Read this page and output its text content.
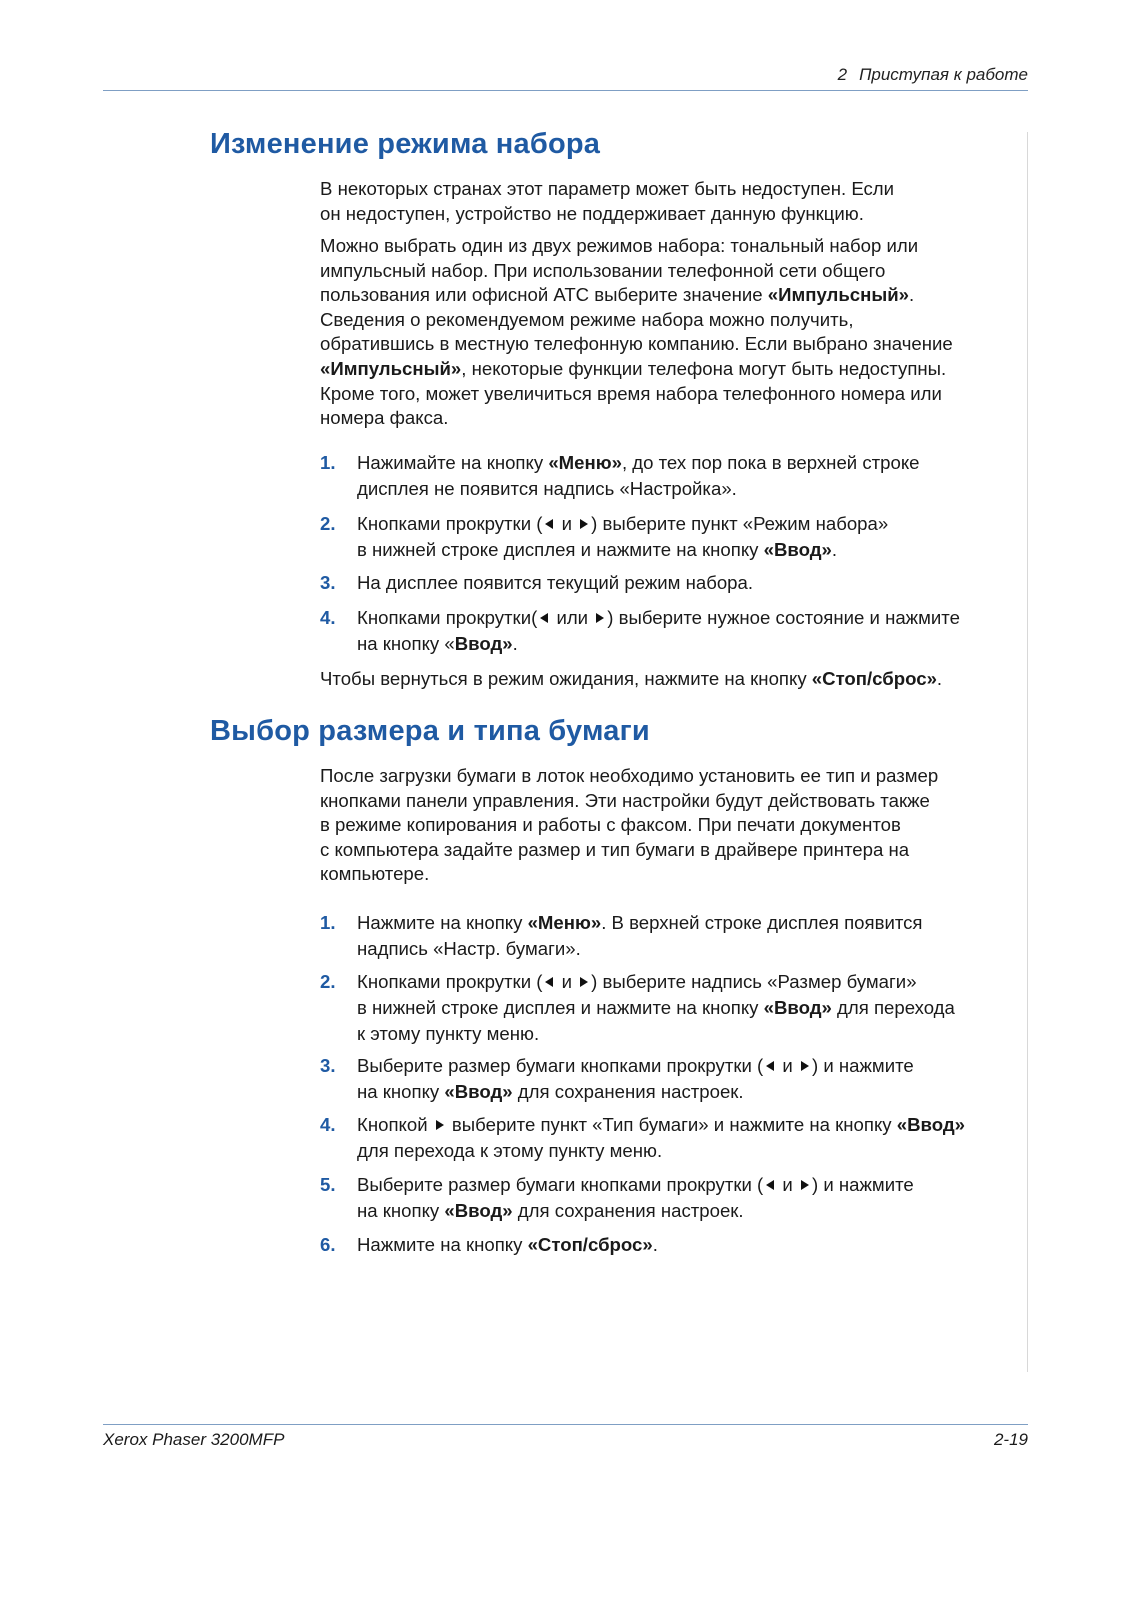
2 Приступая к работе
Изменение режима набора
В некоторых странах этот параметр может быть недоступен. Если
он недоступен, устройство не поддерживает данную функцию.
Можно выбрать один из двух режимов набора: тональный набор или
импульсный набор. При использовании телефонной сети общего
пользования или офисной АТС выберите значение «Импульсный».
Сведения о рекомендуемом режиме набора можно получить,
обратившись в местную телефонную компанию. Если выбрано значение
«Импульсный», некоторые функции телефона могут быть недоступны.
Кроме того, может увеличиться время набора телефонного номера или
номера факса.
1.	Нажимайте на кнопку «Меню», до тех пор пока в верхней строке
дисплея не появится надпись «Настройка».
2.	Кнопками прокрутки ( и ) выберите пункт «Режим набора»
в нижней строке дисплея и нажмите на кнопку «Ввод».
3.	На дисплее появится текущий режим набора.
4.	Кнопками прокрутки( или ) выберите нужное состояние и нажмите
на кнопку «Ввод».
Чтобы вернуться в режим ожидания, нажмите на кнопку «Стоп/сброс».
Выбор размера и типа бумаги
После загрузки бумаги в лоток необходимо установить ее тип и размер
кнопками панели управления. Эти настройки будут действовать также
в режиме копирования и работы с факсом. При печати документов
с компьютера задайте размер и тип бумаги в драйвере принтера на
компьютере.
1.	Нажмите на кнопку «Меню». В верхней строке дисплея появится
надпись «Настр. бумаги».
2.	Кнопками прокрутки ( и ) выберите надпись «Размер бумаги»
в нижней строке дисплея и нажмите на кнопку «Ввод» для перехода
к этому пункту меню.
3.	Выберите размер бумаги кнопками прокрутки ( и ) и нажмите
на кнопку «Ввод» для сохранения настроек.
4.	Кнопкой  выберите пункт «Тип бумаги» и нажмите на кнопку «Ввод»
для перехода к этому пункту меню.
5.	Выберите размер бумаги кнопками прокрутки ( и ) и нажмите
на кнопку «Ввод» для сохранения настроек.
6.	Нажмите на кнопку «Стоп/сброс».
Xerox Phaser 3200MFP	2-19
